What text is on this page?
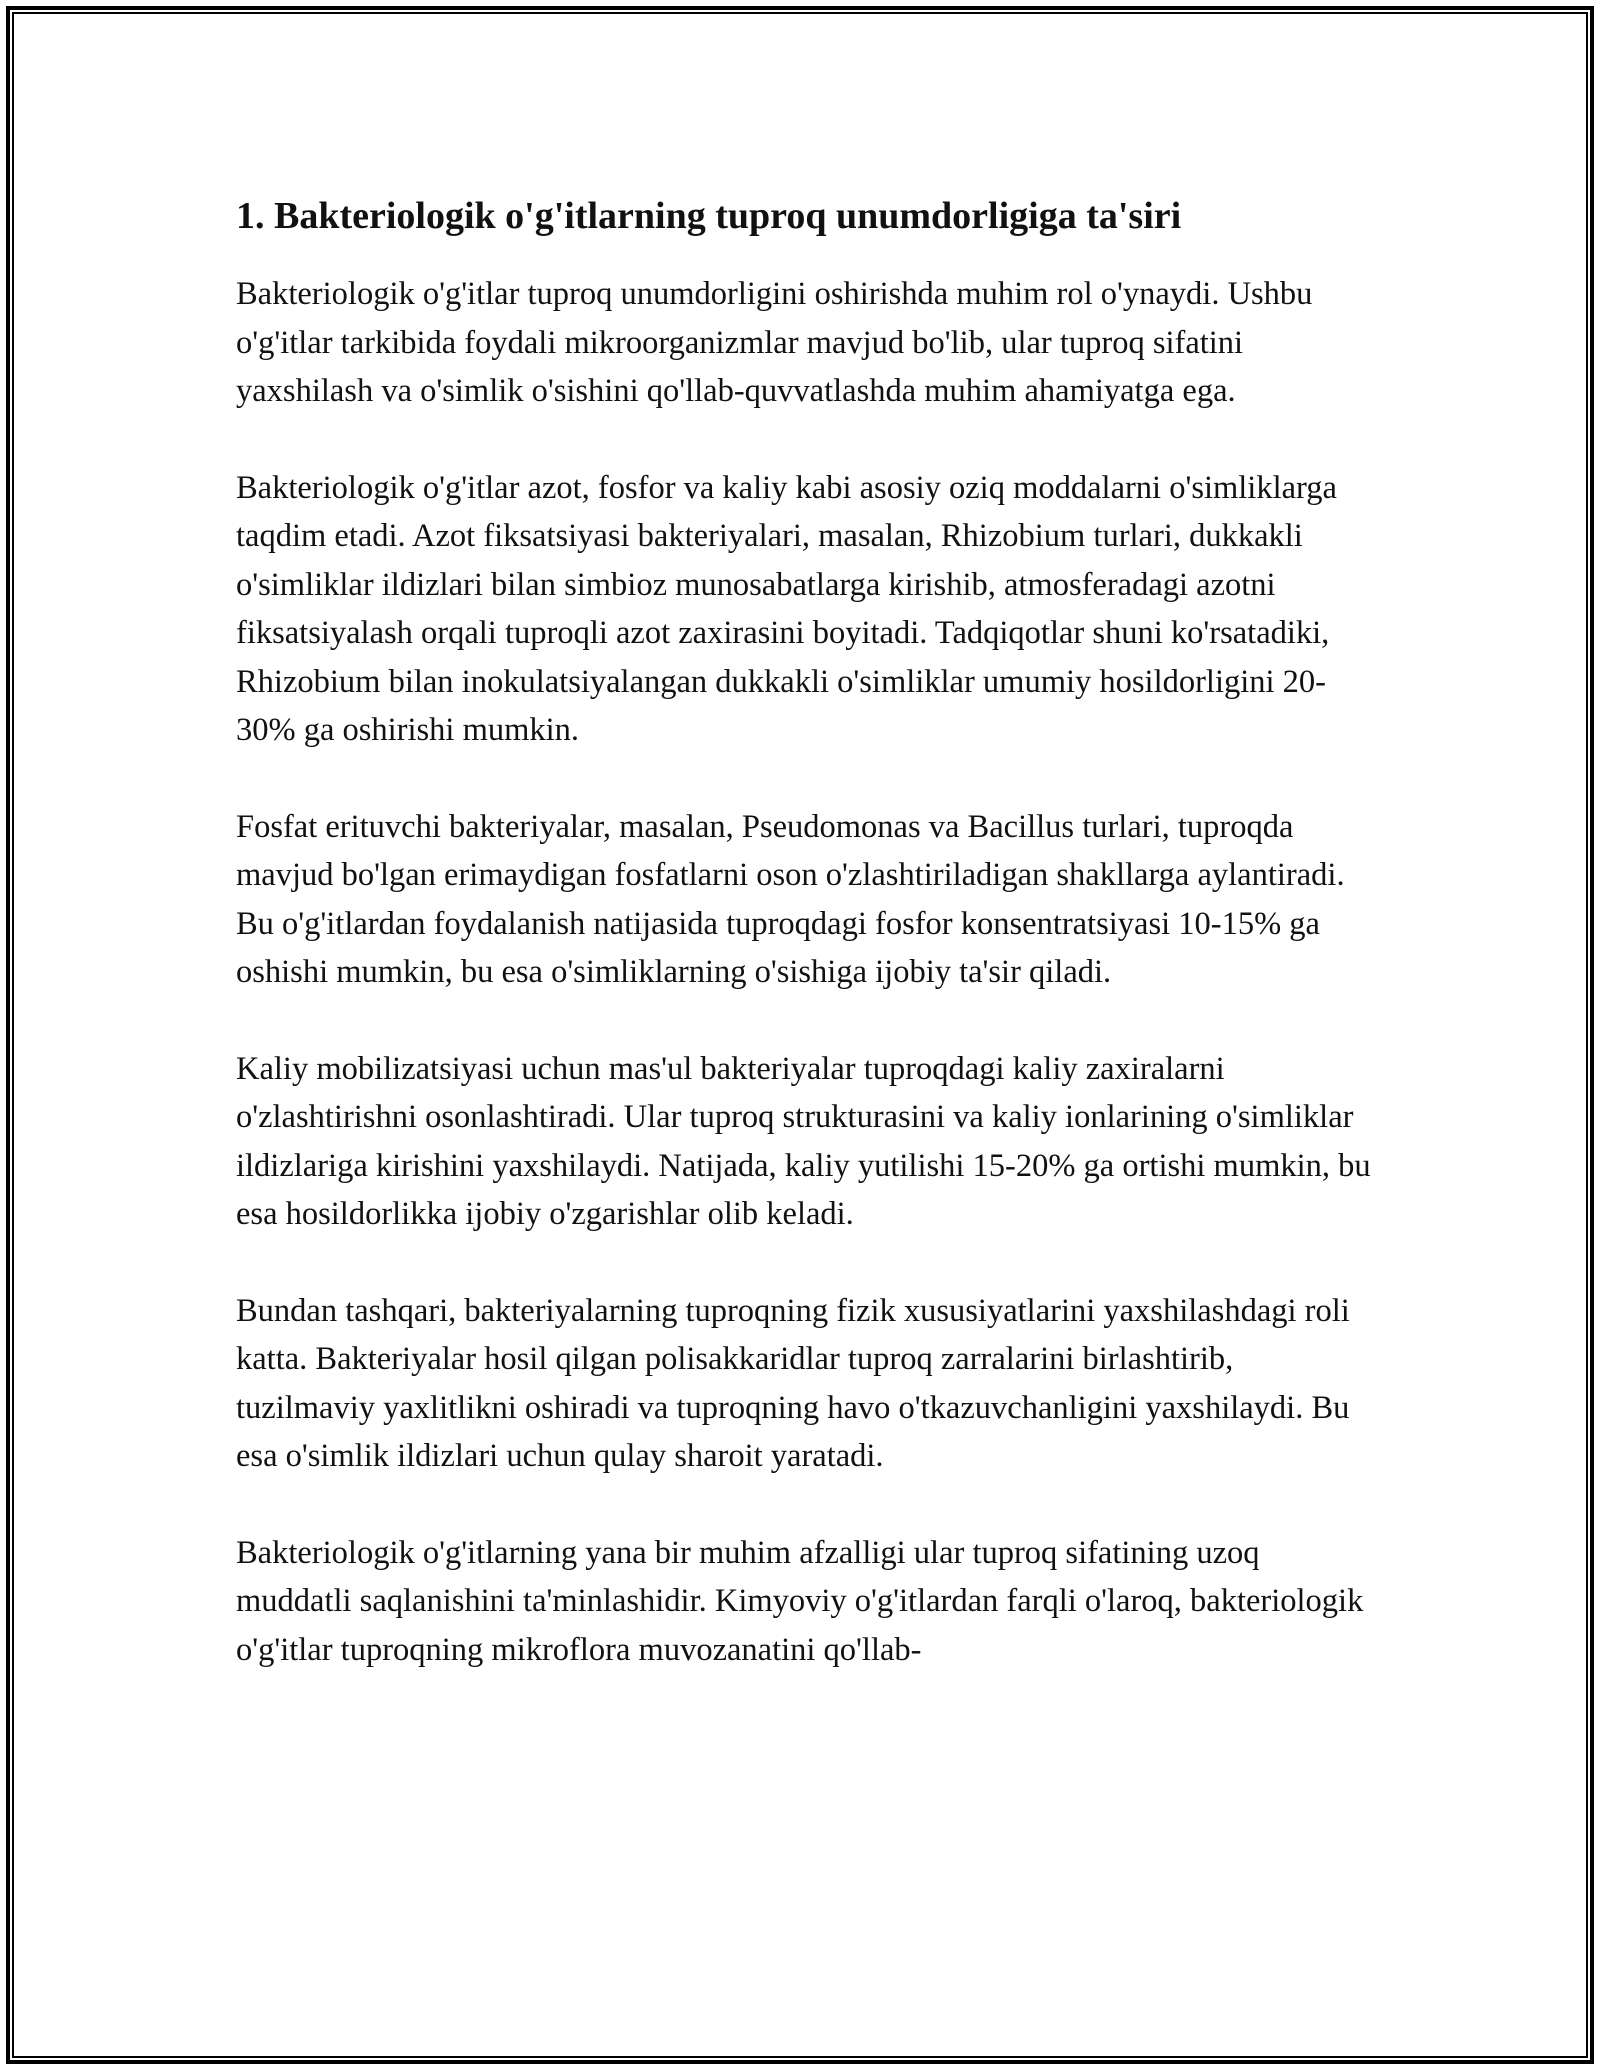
1. Bakteriologik o'g'itlarning tuproq unumdorligiga ta'siri

Bakteriologik o'g'itlar tuproq unumdorligini oshirishda muhim rol o'ynaydi. Ushbu o'g'itlar tarkibida foydali mikroorganizmlar mavjud bo'lib, ular tuproq sifatini yaxshilash va o'simlik o'sishini qo'llab-quvvatlashda muhim ahamiyatga ega.

Bakteriologik o'g'itlar azot, fosfor va kaliy kabi asosiy oziq moddalarni o'simliklarga taqdim etadi. Azot fiksatsiyasi bakteriyalari, masalan, Rhizobium turlari, dukkakli o'simliklar ildizlari bilan simbioz munosabatlarga kirishib, atmosferadagi azotni fiksatsiyalash orqali tuproqli azot zaxirasini boyitadi. Tadqiqotlar shuni ko'rsatadiki, Rhizobium bilan inokulatsiyalangan dukkakli o'simliklar umumiy hosildorligini 20-30% ga oshirishi mumkin.

Fosfat erituvchi bakteriyalar, masalan, Pseudomonas va Bacillus turlari, tuproqda mavjud bo'lgan erimaydigan fosfatlarni oson o'zlashtiriladigan shakllarga aylantiradi. Bu o'g'itlardan foydalanish natijasida tuproqdagi fosfor konsentratsiyasi 10-15% ga oshishi mumkin, bu esa o'simliklarning o'sishiga ijobiy ta'sir qiladi.

Kaliy mobilizatsiyasi uchun mas'ul bakteriyalar tuproqdagi kaliy zaxiralarni o'zlashtirishni osonlashtiradi. Ular tuproq strukturasini va kaliy ionlarining o'simliklar ildizlariga kirishini yaxshilaydi. Natijada, kaliy yutilishi 15-20% ga ortishi mumkin, bu esa hosildorlikka ijobiy o'zgarishlar olib keladi.

Bundan tashqari, bakteriyalarning tuproqning fizik xususiyatlarini yaxshilashdagi roli katta. Bakteriyalar hosil qilgan polisakkaridlar tuproq zarralarini birlashtirib, tuzilmaviy yaxlitlikni oshiradi va tuproqning havo o'tkazuvchanligini yaxshilaydi. Bu esa o'simlik ildizlari uchun qulay sharoit yaratadi.

Bakteriologik o'g'itlarning yana bir muhim afzalligi ular tuproq sifatining uzoq muddatli saqlanishini ta'minlashidir. Kimyoviy o'g'itlardan farqli o'laroq, bakteriologik o'g'itlar tuproqning mikroflora muvozanatini qo'llab-
